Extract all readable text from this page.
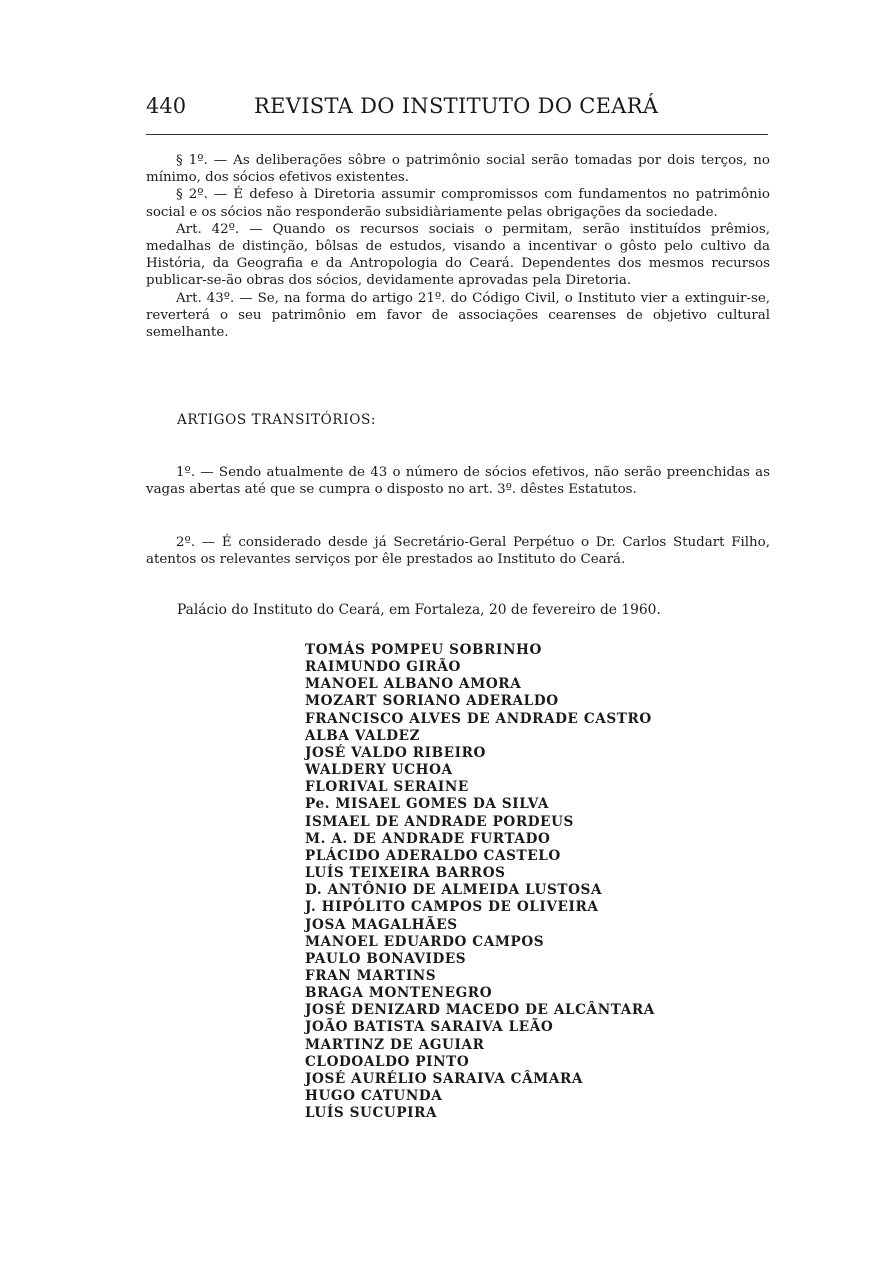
440	REVISTA DO INSTITUTO DO CEARÁ

§ 1º. — As deliberações sôbre o patrimônio social serão tomadas por dois terços, no mínimo, dos sócios efetivos existentes.

§ 2º. — É defeso à Diretoria assumir compromissos com fundamentos no patrimônio social e os sócios não responderão subsidiàriamente pelas obrigações da sociedade.

Art. 42º. — Quando os recursos sociais o permitam, serão instituídos prêmios, medalhas de distinção, bôlsas de estudos, visando a incentivar o gôsto pelo cultivo da História, da Geografia e da Antropologia do Ceará. Dependentes dos mesmos recursos publicar-se-ão obras dos sócios, devidamente aprovadas pela Diretoria.

Art. 43º. — Se, na forma do artigo 21º. do Código Civil, o Instituto vier a extinguir-se, reverterá o seu patrimônio em favor de associações cearenses de objetivo cultural semelhante.

ARTIGOS TRANSITÓRIOS:

1º. — Sendo atualmente de 43 o número de sócios efetivos, não serão preenchidas as vagas abertas até que se cumpra o disposto no art. 3º. dêstes Estatutos.

2º. — É considerado desde já Secretário-Geral Perpétuo o Dr. Carlos Studart Filho, atentos os relevantes serviços por êle prestados ao Instituto do Ceará.

Palácio do Instituto do Ceará, em Fortaleza, 20 de fevereiro de 1960.
TOMÁS POMPEU SOBRINHO
RAIMUNDO GIRÃO
MANOEL ALBANO AMORA
MOZART SORIANO ADERALDO
FRANCISCO ALVES DE ANDRADE CASTRO
ALBA VALDEZ
JOSÉ VALDO RIBEIRO
WALDERY UCHOA
FLORIVAL SERAINE
Pe. MISAEL GOMES DA SILVA
ISMAEL DE ANDRADE PORDEUS
M. A. DE ANDRADE FURTADO
PLÁCIDO ADERALDO CASTELO
LUÍS TEIXEIRA BARROS
D. ANTÔNIO DE ALMEIDA LUSTOSA
J. HIPÓLITO CAMPOS DE OLIVEIRA
JOSA MAGALHÃES
MANOEL EDUARDO CAMPOS
PAULO BONAVIDES
FRAN MARTINS
BRAGA MONTENEGRO
JOSÉ DENIZARD MACEDO DE ALCÂNTARA
JOÃO BATISTA SARAIVA LEÃO
MARTINZ DE AGUIAR
CLODOALDO PINTO
JOSÉ AURÉLIO SARAIVA CÂMARA
HUGO CATUNDA
LUÍS SUCUPIRA
